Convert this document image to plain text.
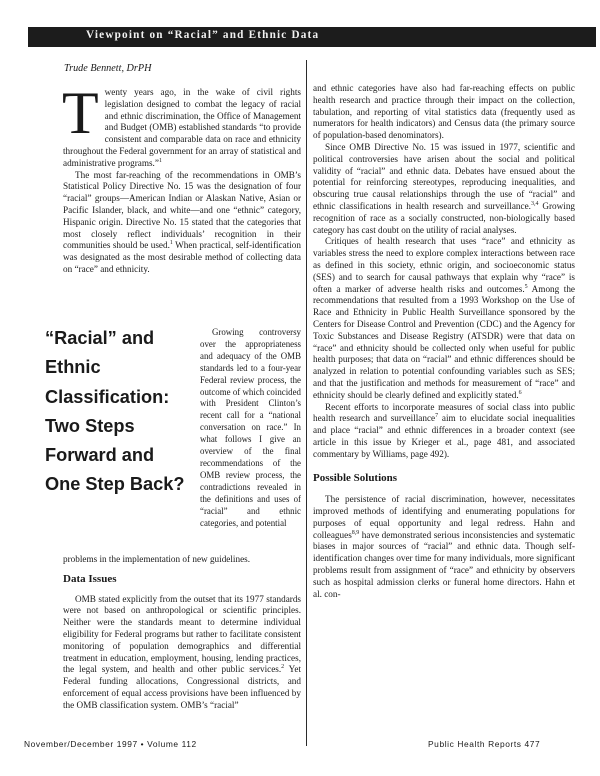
Viewpoint on “Racial” and Ethnic Data
Trude Bennett, DrPH
T wenty years ago, in the wake of civil rights legislation designed to combat the legacy of racial and ethnic discrimination, the Office of Management and Budget (OMB) established standards “to provide consistent and comparable data on race and ethnicity throughout the Federal government for an array of statistical and administrative programs.”$^1$

The most far-reaching of the recommendations in OMB’s Statistical Policy Directive No. 15 was the designation of four “racial” groups—American Indian or Alaskan Native, Asian or Pacific Islander, black, and white—and one “ethnic” category, Hispanic origin. Directive No. 15 stated that the categories that most closely reflect individuals’ recognition in their communities should be used.$^1$ When practical, self-identification was designated as the most desirable method of collecting data on “race” and ethnicity.

“Racial” and
Ethnic
Classification:
Two Steps
Forward and
One Step Back?

Growing controversy over the appropriateness and adequacy of the OMB standards led to a four-year Federal review process, the outcome of which coincided with President Clinton’s recent call for a “national conversation on race.” In what follows I give an overview of the final recommendations of the OMB review process, the contradictions revealed in the definitions and uses of “racial” and ethnic categories, and potential

problems in the implementation of new guidelines.

Data Issues

OMB stated explicitly from the outset that its 1977 standards were not based on anthropological or scientific principles. Neither were the standards meant to determine individual eligibility for Federal programs but rather to facilitate consistent monitoring of population demographics and differential treatment in education, employment, housing, lending practices, the legal system, and health and other public services.$^2$ Yet Federal funding allocations, Congressional districts, and enforcement of equal access provisions have been influenced by the OMB classification system. OMB’s “racial”

and ethnic categories have also had far-reaching effects on public health research and practice through their impact on the collection, tabulation, and reporting of vital statistics data (frequently used as numerators for health indicators) and Census data (the primary source of population-based denominators).

Since OMB Directive No. 15 was issued in 1977, scientific and political controversies have arisen about the social and political validity of “racial” and ethnic data. Debates have ensued about the potential for reinforcing stereotypes, reproducing inequalities, and obscuring true causal relationships through the use of “racial” and ethnic classifications in health research and surveillance.$^{3,4}$ Growing recognition of race as a socially constructed, non-biologically based category has cast doubt on the utility of racial analyses.

Critiques of health research that uses “race” and ethnicity as variables stress the need to explore complex interactions between race as defined in this society, ethnic origin, and socioeconomic status (SES) and to search for causal pathways that explain why “race” is often a marker of adverse health risks and outcomes.$^5$ Among the recommendations that resulted from a 1993 Workshop on the Use of Race and Ethnicity in Public Health Surveillance sponsored by the Centers for Disease Control and Prevention (CDC) and the Agency for Toxic Substances and Disease Registry (ATSDR) were that data on “race” and ethnicity should be collected only when useful for public health purposes; that data on “racial” and ethnic differences should be analyzed in relation to potential confounding variables such as SES; and that the justification and methods for measurement of “race” and ethnicity should be clearly defined and explicitly stated.$^6$

Recent efforts to incorporate measures of social class into public health research and surveillance$^7$ aim to elucidate social inequalities and place “racial” and ethnic differences in a broader context (see article in this issue by Krieger et al., page 481, and associated commentary by Williams, page 492).

Possible Solutions

The persistence of racial discrimination, however, necessitates improved methods of identifying and enumerating populations for purposes of equal opportunity and legal redress. Hahn and colleagues$^{8,9}$ have demonstrated serious inconsistencies and systematic biases in major sources of “racial” and ethnic data. Though self-identification changes over time for many individuals, more significant problems result from assignment of “race” and ethnicity by observers such as hospital admission clerks or funeral home directors. Hahn et al. con-

November/December 1997 • Volume 112	Public Health Reports 477
